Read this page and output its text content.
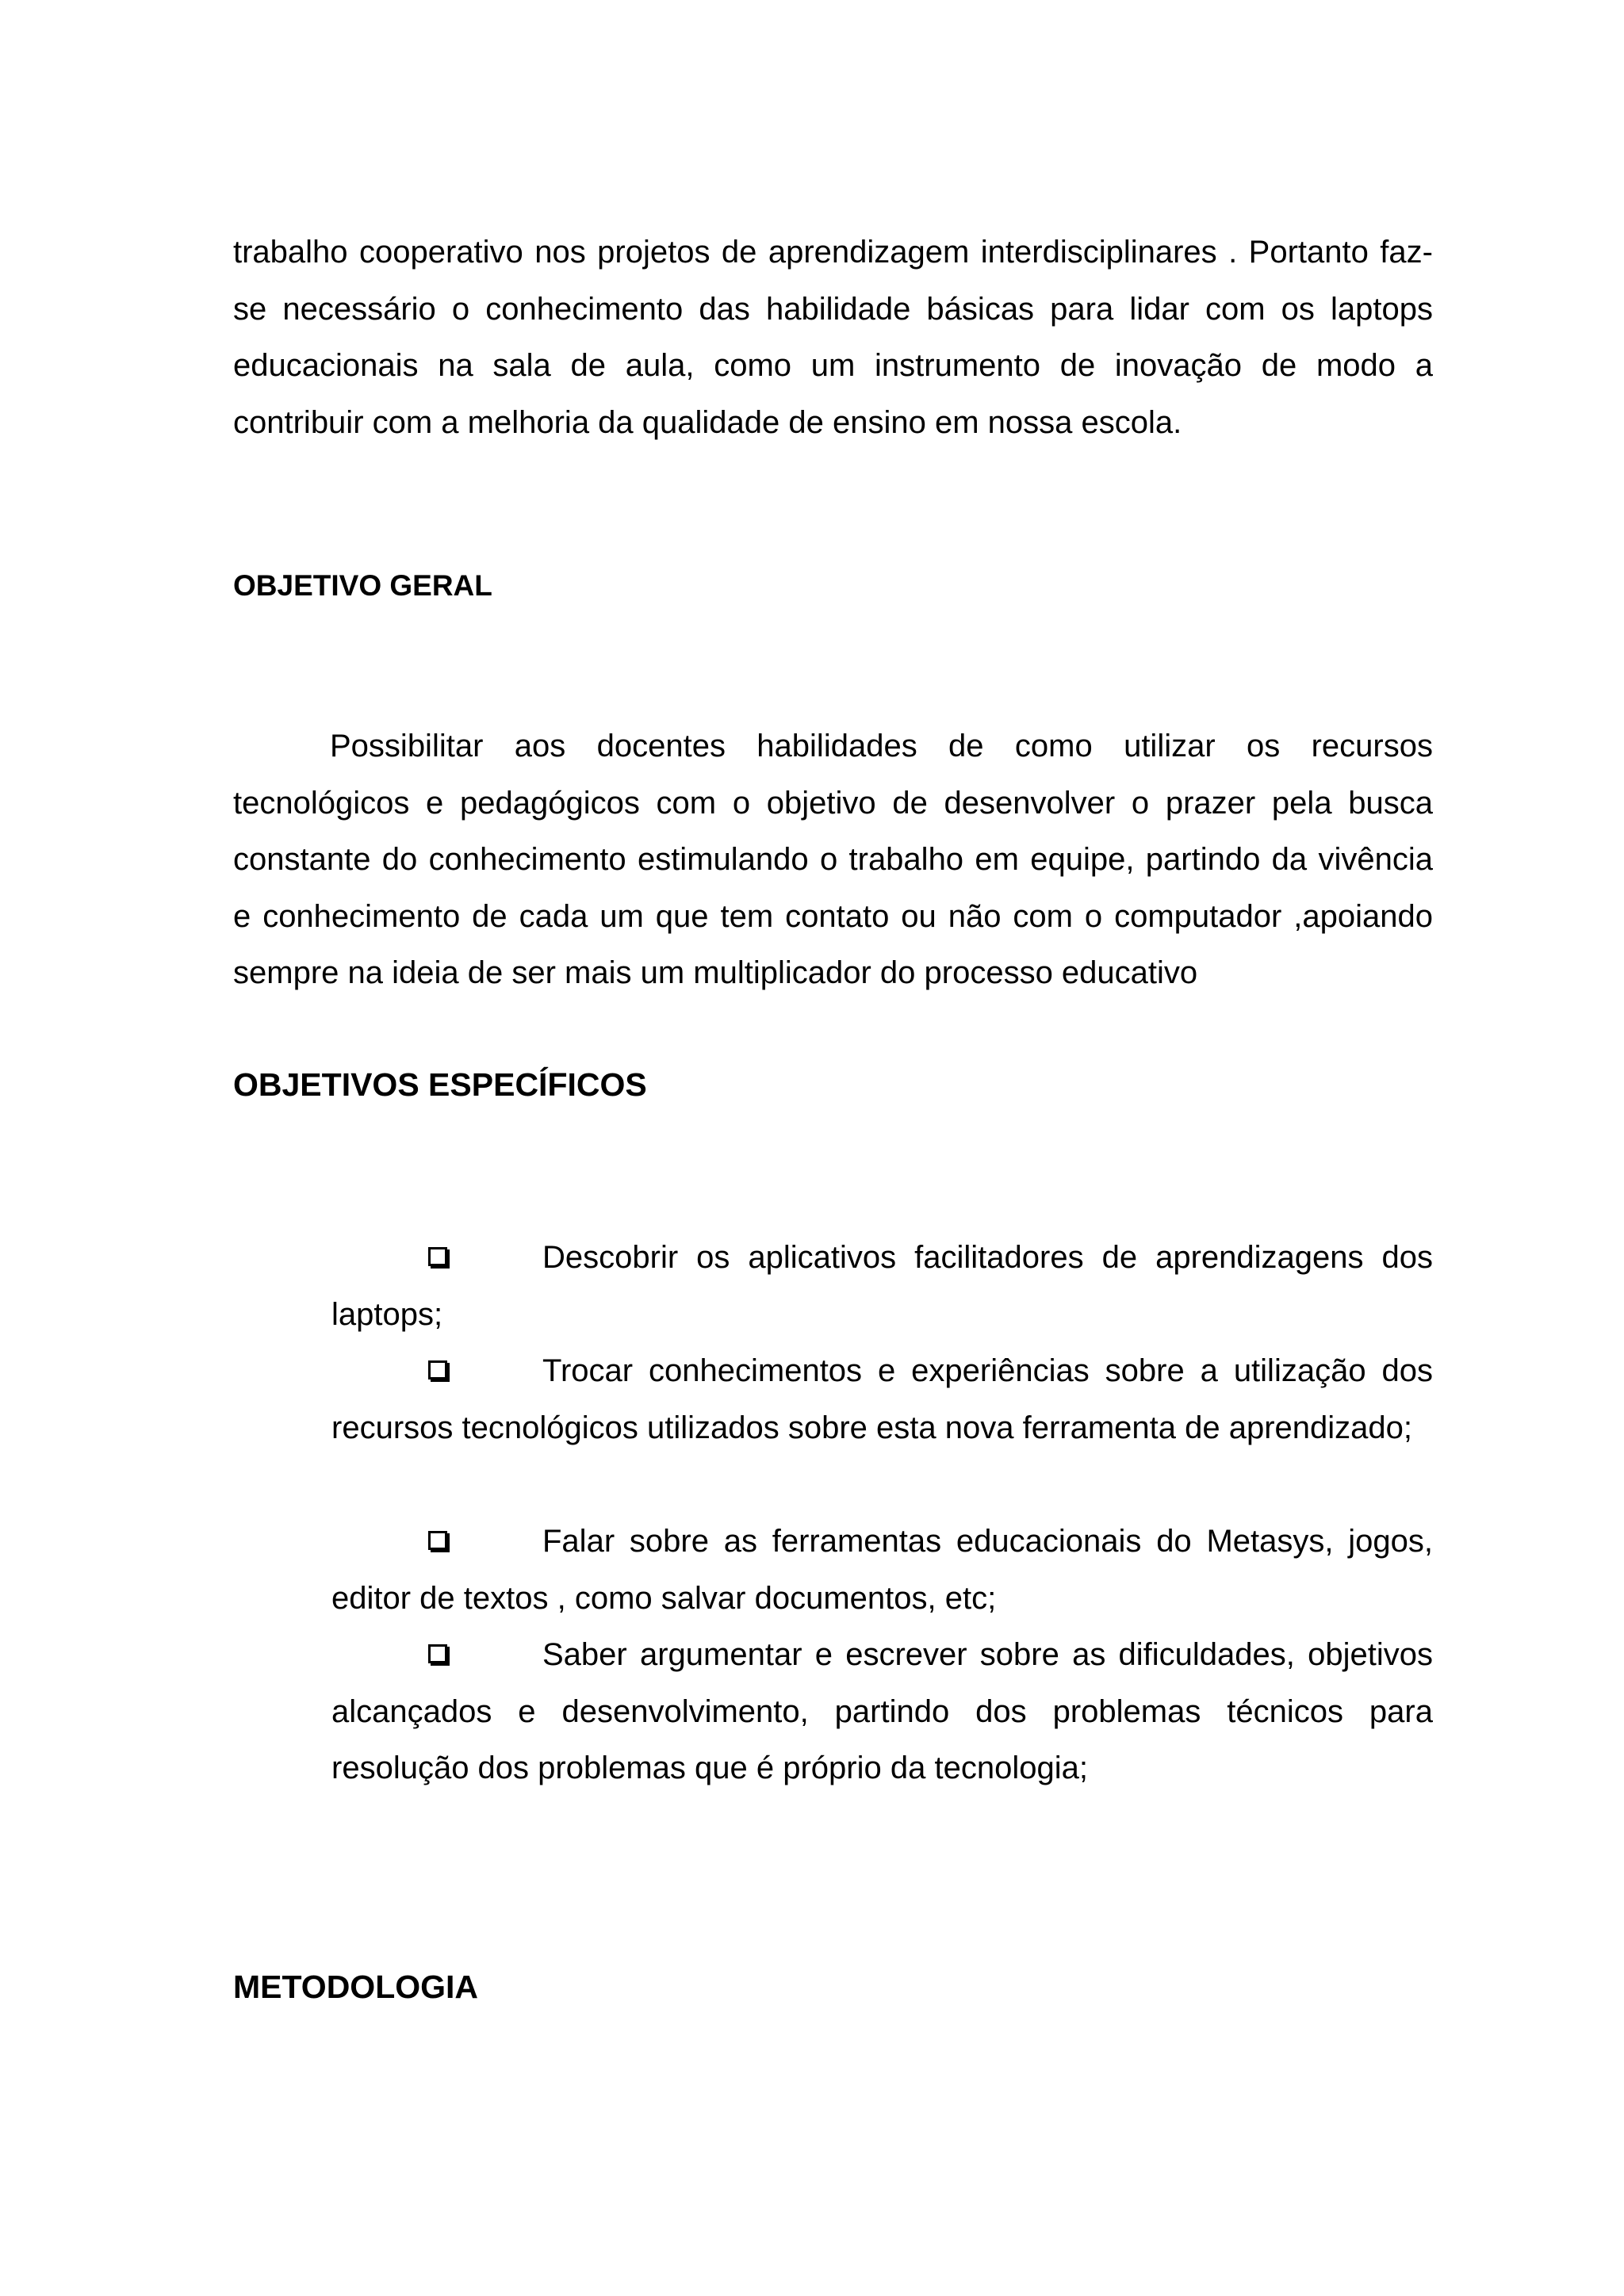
trabalho cooperativo nos projetos de aprendizagem interdisciplinares . Portanto faz-se necessário o conhecimento das habilidade básicas para lidar com os laptops educacionais na sala de aula, como um instrumento de inovação de modo a contribuir com a melhoria da qualidade de ensino em nossa escola.
OBJETIVO GERAL
Possibilitar aos docentes habilidades de como utilizar os recursos tecnológicos e pedagógicos com o objetivo de desenvolver o prazer pela busca constante do conhecimento estimulando o trabalho em equipe, partindo da vivência e conhecimento de cada um que tem contato ou não com o computador ,apoiando sempre na ideia de ser mais um multiplicador do processo educativo
OBJETIVOS ESPECÍFICOS
Descobrir os aplicativos facilitadores de aprendizagens dos laptops;
Trocar conhecimentos e experiências sobre a utilização dos recursos tecnológicos utilizados sobre esta nova ferramenta de aprendizado;
Falar sobre as ferramentas educacionais do Metasys, jogos, editor de textos , como salvar documentos, etc;
Saber argumentar e escrever sobre as dificuldades, objetivos alcançados e desenvolvimento, partindo dos problemas técnicos para resolução dos problemas que é próprio da tecnologia;
METODOLOGIA
